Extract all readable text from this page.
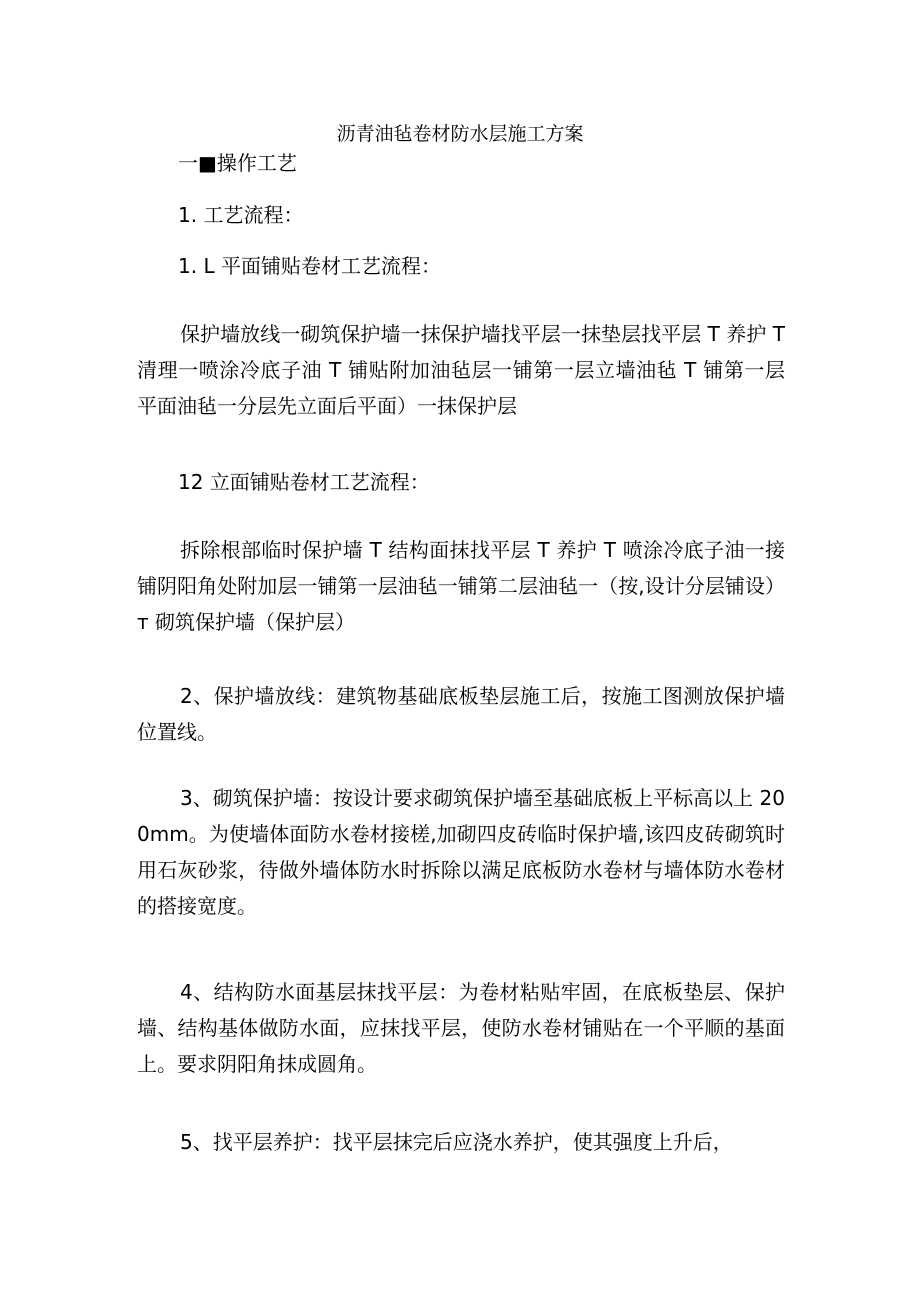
沥青油毡卷材防水层施工方案
一■操作工艺
1. 工艺流程：
1. L 平面铺贴卷材工艺流程：
保护墙放线一砌筑保护墙一抹保护墙找平层一抹垫层找平层 T 养护 T 清理一喷涂冷底子油 T 铺贴附加油毡层一铺第一层立墙油毡 T 铺第一层平面油毡一分层先立面后平面）一抹保护层
12 立面铺贴卷材工艺流程：
拆除根部临时保护墙 T 结构面抹找平层 T 养护 T 喷涂冷底子油一接铺阴阳角处附加层一铺第一层油毡一铺第二层油毡一（按,设计分层铺设）т 砌筑保护墙（保护层）
2、保护墙放线：建筑物基础底板垫层施工后，按施工图测放保护墙位置线。
3、砌筑保护墙：按设计要求砌筑保护墙至基础底板上平标高以上 200mm。为使墙体面防水卷材接槎,加砌四皮砖临时保护墙,该四皮砖砌筑时用石灰砂浆，待做外墙体防水时拆除以满足底板防水卷材与墙体防水卷材的搭接宽度。
4、结构防水面基层抹找平层：为卷材粘贴牢固，在底板垫层、保护墙、结构基体做防水面，应抹找平层，使防水卷材铺贴在一个平顺的基面上。要求阴阳角抹成圆角。
5、找平层养护：找平层抹完后应浇水养护，使其强度上升后，
